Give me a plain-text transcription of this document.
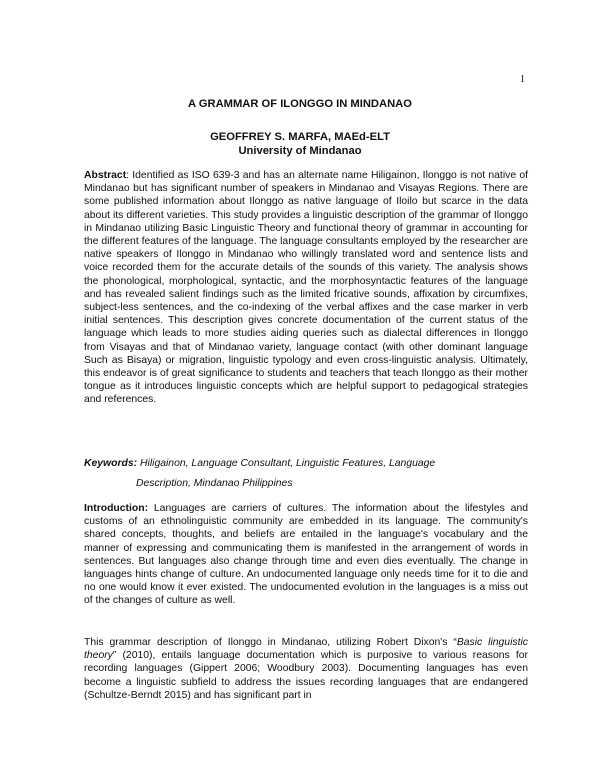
1
A GRAMMAR OF ILONGGO IN MINDANAO
GEOFFREY S. MARFA, MAEd-ELT
University of Mindanao

Abstract: Identified as ISO 639-3 and has an alternate name Hiligainon, Ilonggo is not native of Mindanao but has significant number of speakers in Mindanao and Visayas Regions. There are some published information about Ilonggo as native language of Iloilo but scarce in the data about its different varieties. This study provides a linguistic description of the grammar of Ilonggo in Mindanao utilizing Basic Linguistic Theory and functional theory of grammar in accounting for the different features of the language. The language consultants employed by the researcher are native speakers of Ilonggo in Mindanao who willingly translated word and sentence lists and voice recorded them for the accurate details of the sounds of this variety. The analysis shows the phonological, morphological, syntactic, and the morphosyntactic features of the language and has revealed salient findings such as the limited fricative sounds, affixation by circumfixes, subject-less sentences, and the co-indexing of the verbal affixes and the case marker in verb initial sentences. This description gives concrete documentation of the current status of the language which leads to more studies aiding queries such as dialectal differences in Ilonggo from Visayas and that of Mindanao variety, language contact (with other dominant language Such as Bisaya) or migration, linguistic typology and even cross-linguistic analysis. Ultimately, this endeavor is of great significance to students and teachers that teach Ilonggo as their mother tongue as it introduces linguistic concepts which are helpful support to pedagogical strategies and references.

Keywords: Hiligainon, Language Consultant, Linguistic Features, Language

Description, Mindanao Philippines

Introduction: Languages are carriers of cultures. The information about the lifestyles and customs of an ethnolinguistic community are embedded in its language. The community's shared concepts, thoughts, and beliefs are entailed in the language's vocabulary and the manner of expressing and communicating them is manifested in the arrangement of words in sentences. But languages also change through time and even dies eventually. The change in languages hints change of culture. An undocumented language only needs time for it to die and no one would know it ever existed. The undocumented evolution in the languages is a miss out of the changes of culture as well.

This grammar description of Ilonggo in Mindanao, utilizing Robert Dixon's “Basic linguistic theory” (2010), entails language documentation which is purposive to various reasons for recording languages (Gippert 2006; Woodbury 2003). Documenting languages has even become a linguistic subfield to address the issues recording languages that are endangered (Schultze-Berndt 2015) and has significant part in
